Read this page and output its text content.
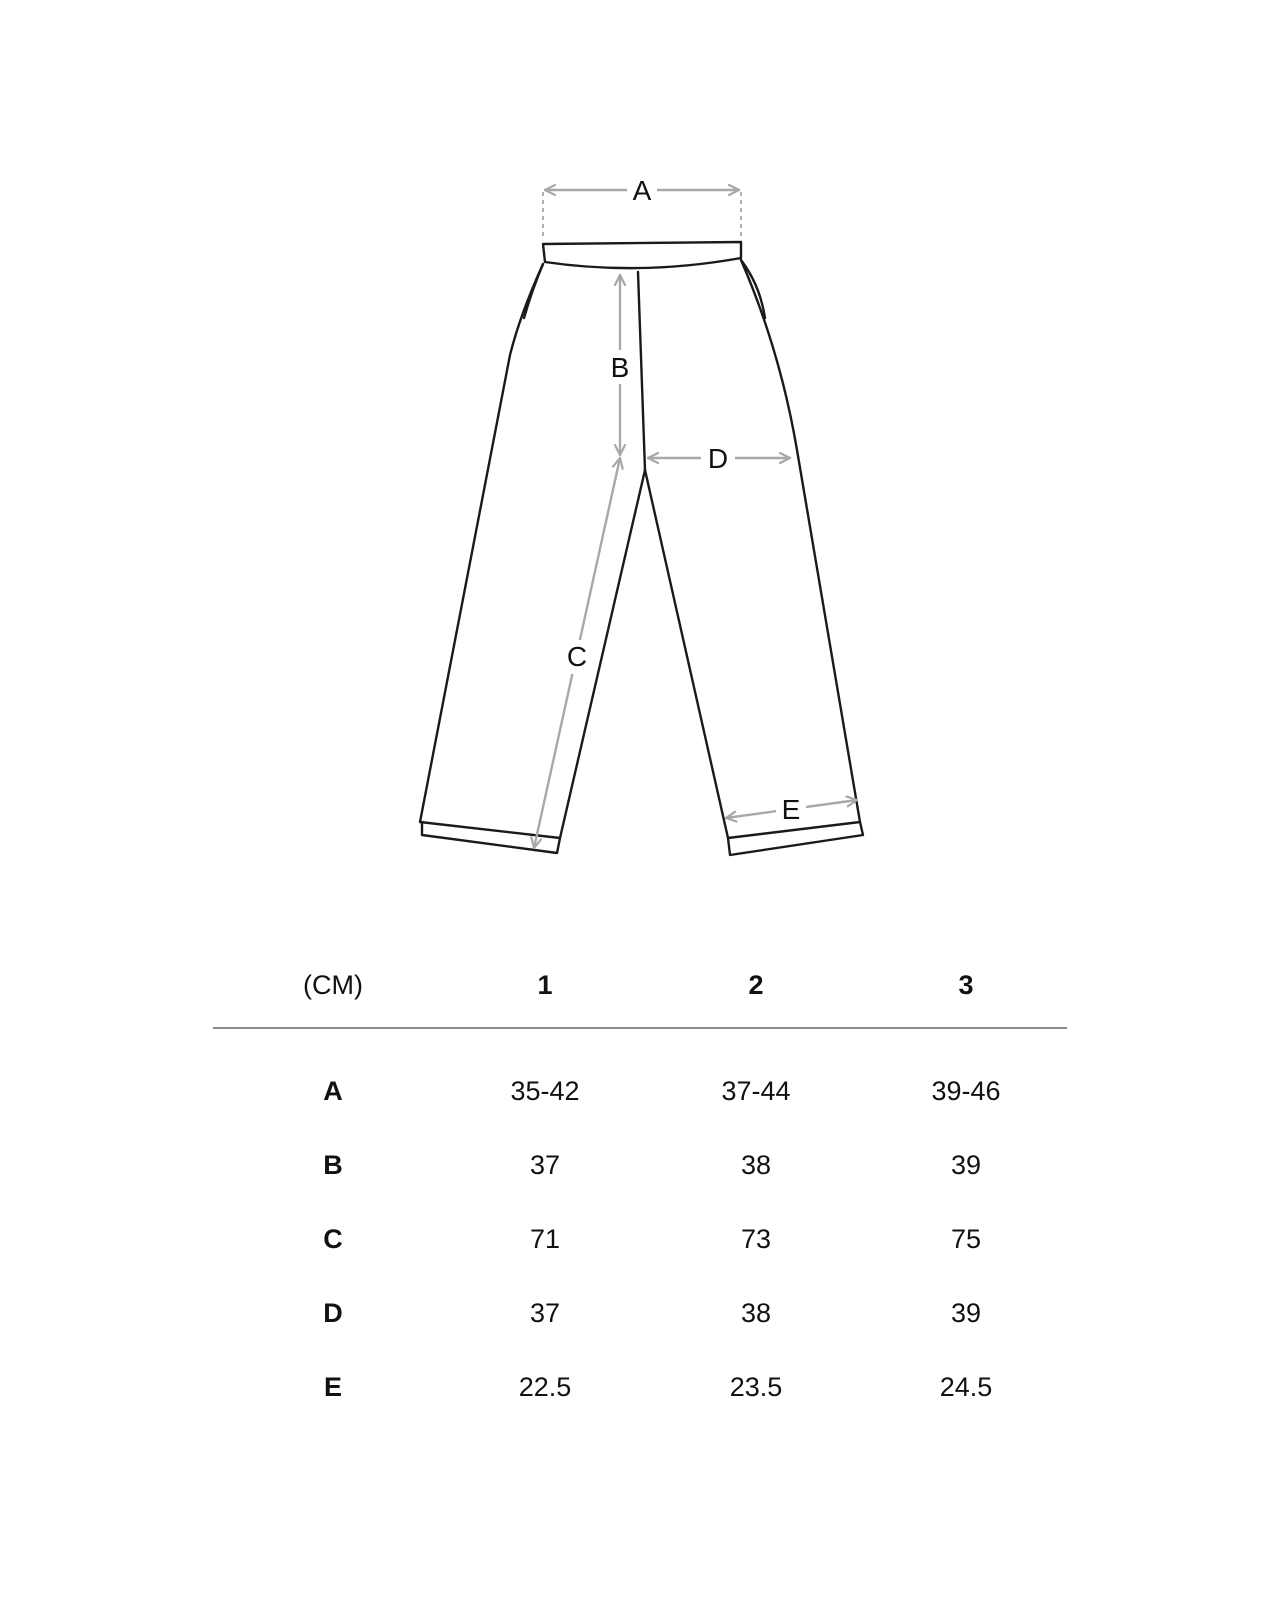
A
B
C
D
E
(CM)	1	2	3
A	35-42	37-44	39-46
B	37	38	39
C	71	73	75
D	37	38	39
E	22.5	23.5	24.5
